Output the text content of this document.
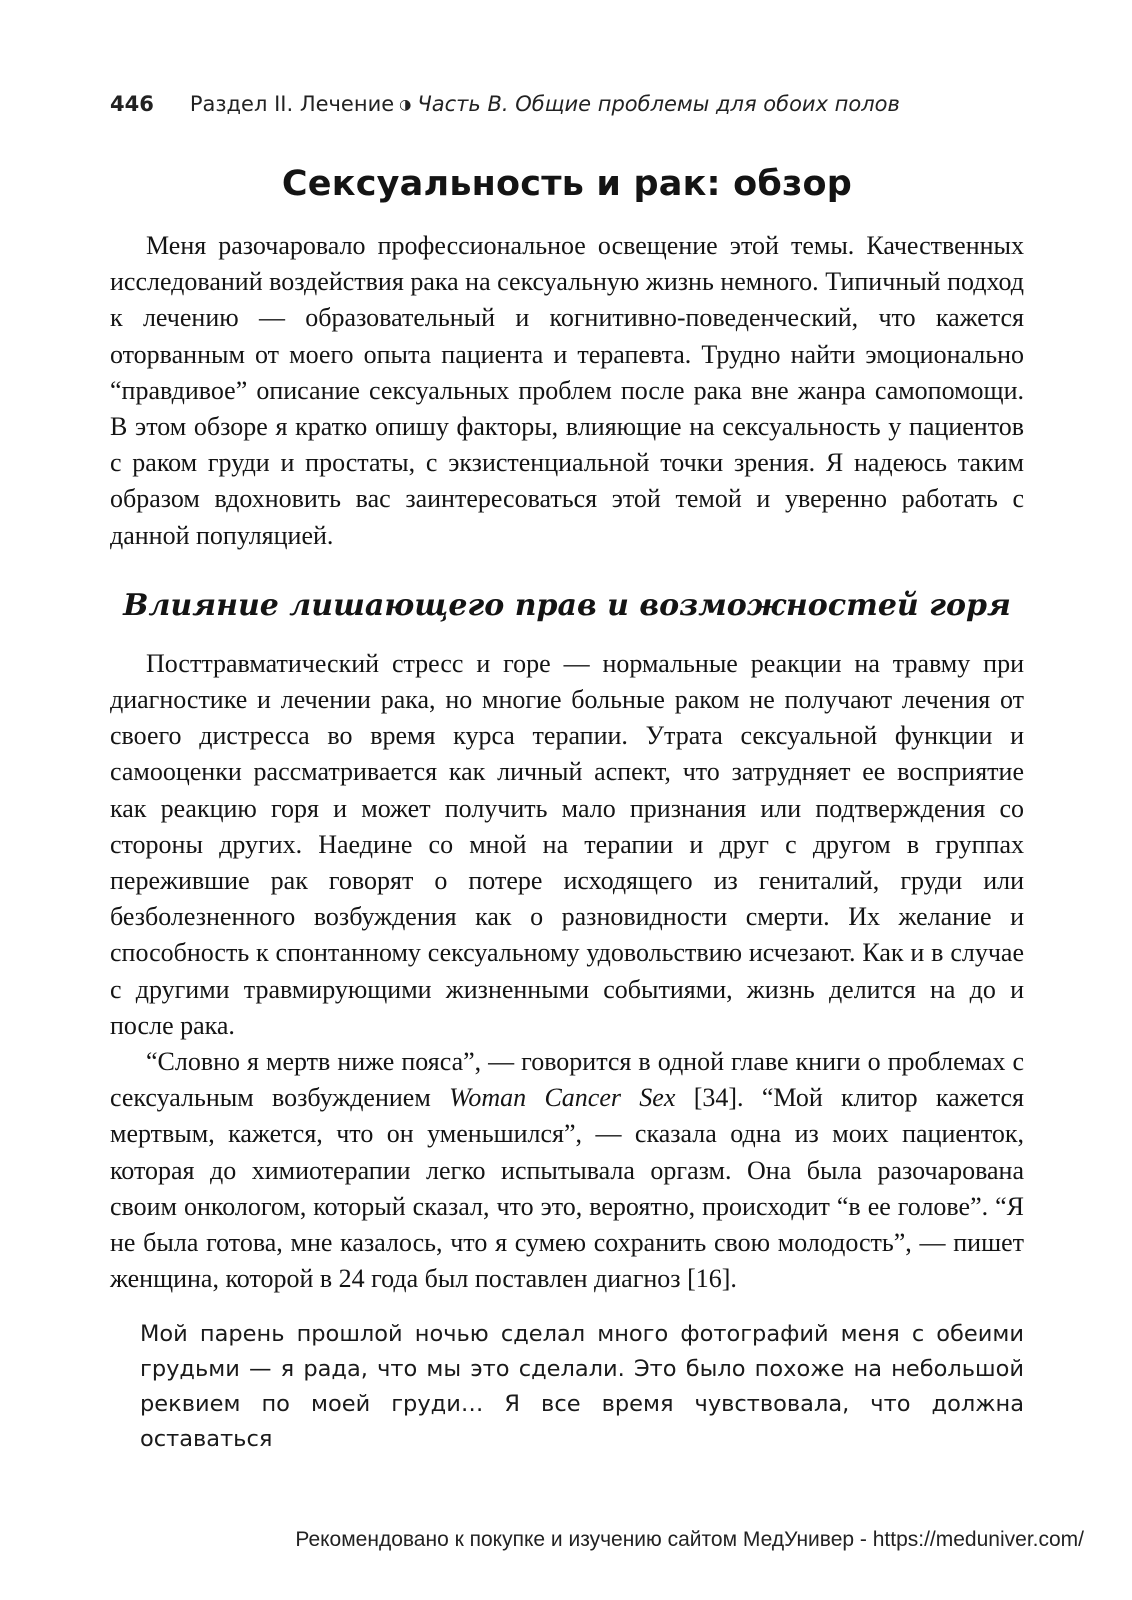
446 Раздел II. Лечение ◑ Часть B. Общие проблемы для обоих полов
Сексуальность и рак: обзор

Меня разочаровало профессиональное освещение этой темы. Качественных исследований воздействия рака на сексуальную жизнь немного. Типичный подход к лечению — образовательный и когнитивно-поведенческий, что кажется оторванным от моего опыта пациента и терапевта. Трудно найти эмоционально “правдивое” описание сексуальных проблем после рака вне жанра самопомощи. В этом обзоре я кратко опишу факторы, влияющие на сексуальность у пациентов с раком груди и простаты, с экзистенциальной точки зрения. Я надеюсь таким образом вдохновить вас заинтересоваться этой темой и уверенно работать с данной популяцией.

Влияние лишающего прав и возможностей горя

Посттравматический стресс и горе — нормальные реакции на травму при диагностике и лечении рака, но многие больные раком не получают лечения от своего дистресса во время курса терапии. Утрата сексуальной функции и самооценки рассматривается как личный аспект, что затрудняет ее восприятие как реакцию горя и может получить мало признания или подтверждения со стороны других. Наедине со мной на терапии и друг с другом в группах пережившие рак говорят о потере исходящего из гениталий, груди или безболезненного возбуждения как о разновидности смерти. Их желание и способность к спонтанному сексуальному удовольствию исчезают. Как и в случае с другими травмирующими жизненными событиями, жизнь делится на до и после рака.

“Словно я мертв ниже пояса”, — говорится в одной главе книги о проблемах с сексуальным возбуждением Woman Cancer Sex [34]. “Мой клитор кажется мертвым, кажется, что он уменьшился”, — сказала одна из моих пациенток, которая до химиотерапии легко испытывала оргазм. Она была разочарована своим онкологом, который сказал, что это, вероятно, происходит “в ее голове”. “Я не была готова, мне казалось, что я сумею сохранить свою молодость”, — пишет женщина, которой в 24 года был поставлен диагноз [16].

Мой парень прошлой ночью сделал много фотографий меня с обеими грудьми — я рада, что мы это сделали. Это было похоже на небольшой реквием по моей груди… Я все время чувствовала, что должна оставаться

Рекомендовано к покупке и изучению сайтом МедУнивер - https://meduniver.com/
